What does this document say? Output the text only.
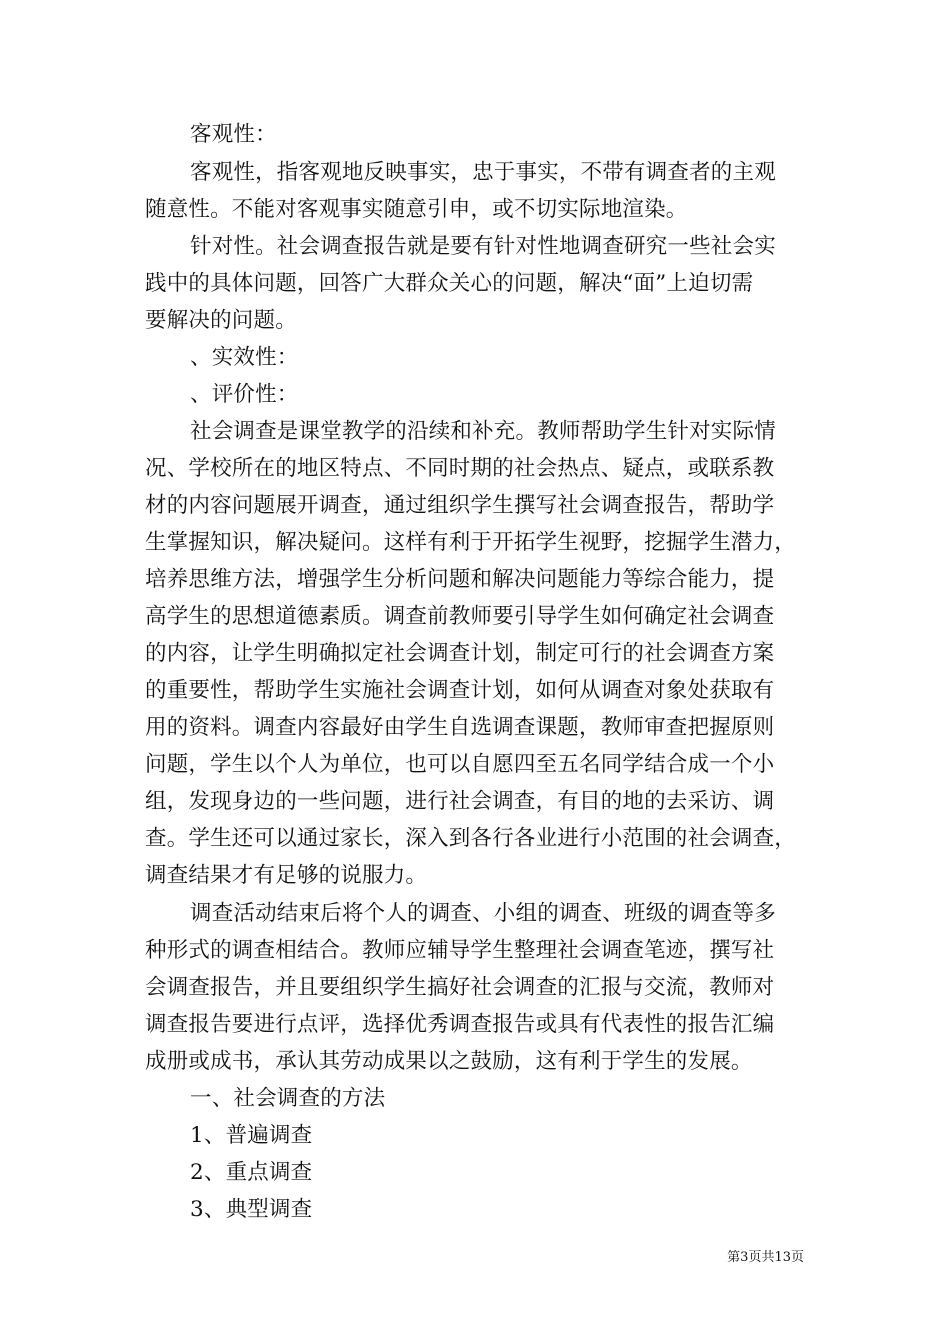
客观性：
客观性，指客观地反映事实，忠于事实，不带有调查者的主观
随意性。不能对客观事实随意引申，或不切实际地渲染。
针对性。社会调查报告就是要有针对性地调查研究一些社会实
践中的具体问题，回答广大群众关心的问题，解决“面”上迫切需
要解决的问题。
、实效性：
、评价性：
社会调查是课堂教学的沿续和补充。教师帮助学生针对实际情
况、学校所在的地区特点、不同时期的社会热点、疑点，或联系教
材的内容问题展开调查，通过组织学生撰写社会调查报告，帮助学
生掌握知识，解决疑问。这样有利于开拓学生视野，挖掘学生潜力，
培养思维方法，增强学生分析问题和解决问题能力等综合能力，提
高学生的思想道德素质。调查前教师要引导学生如何确定社会调查
的内容，让学生明确拟定社会调查计划，制定可行的社会调查方案
的重要性，帮助学生实施社会调查计划，如何从调查对象处获取有
用的资料。调查内容最好由学生自选调查课题，教师审查把握原则
问题，学生以个人为单位，也可以自愿四至五名同学结合成一个小
组，发现身边的一些问题，进行社会调查，有目的地的去采访、调
查。学生还可以通过家长，深入到各行各业进行小范围的社会调查，
调查结果才有足够的说服力。
调查活动结束后将个人的调查、小组的调查、班级的调查等多
种形式的调查相结合。教师应辅导学生整理社会调查笔迹，撰写社
会调查报告，并且要组织学生搞好社会调查的汇报与交流，教师对
调查报告要进行点评，选择优秀调查报告或具有代表性的报告汇编
成册或成书，承认其劳动成果以之鼓励，这有利于学生的发展。
一、社会调查的方法
1、普遍调查
2、重点调查
3、典型调查
第3页共13页
